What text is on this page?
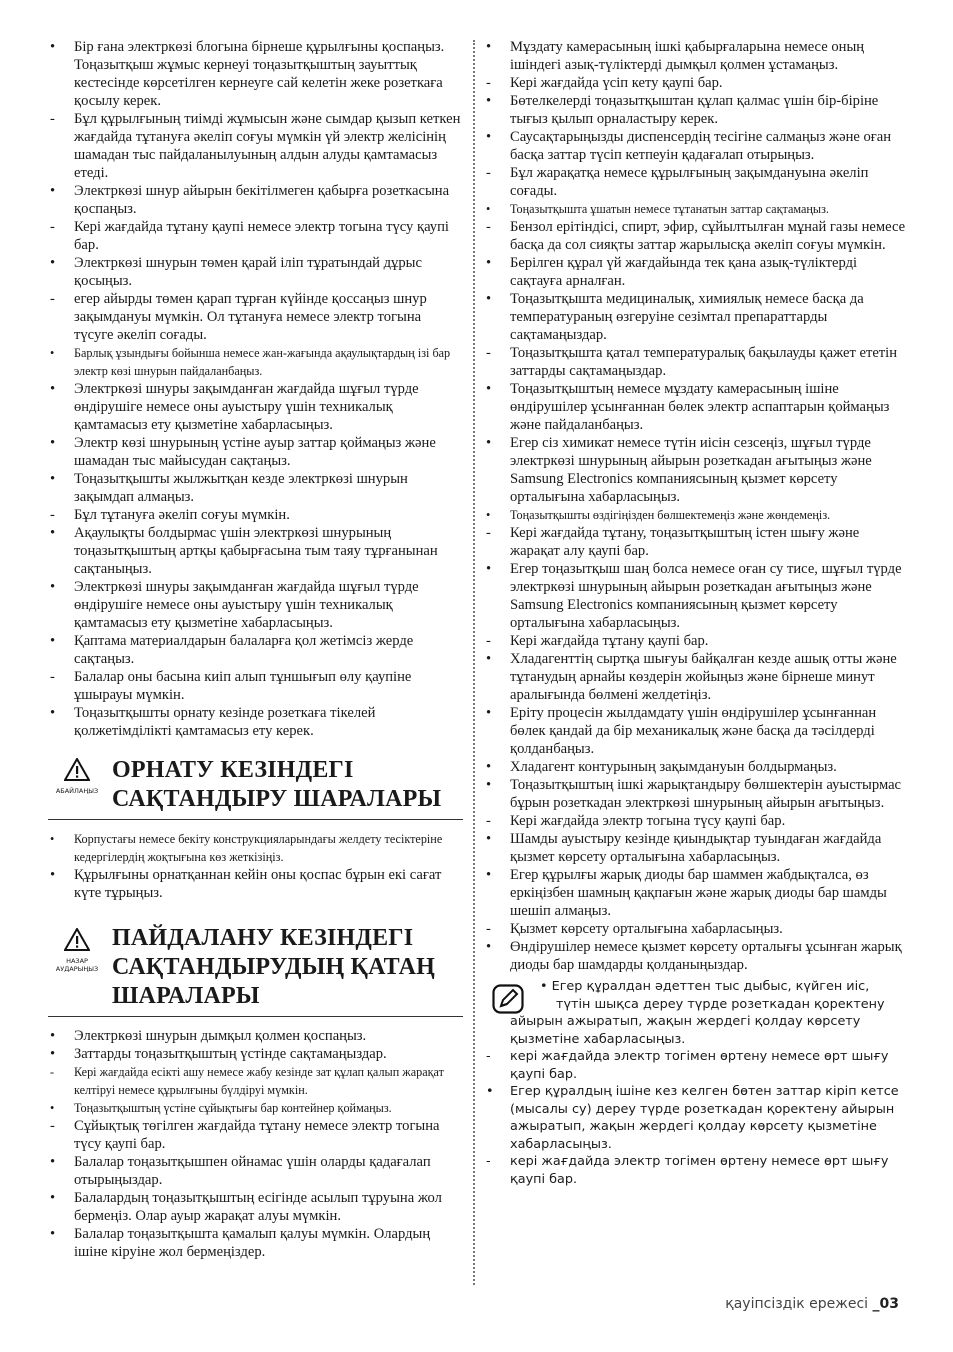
•	Бір ғана электркөзі блогына бірнеше құрылғыны қоспаңыз. Тоңазытқыш жұмыс кернеуі тоңазытқыштың зауыттық кестесінде көрсетілген кернеуге сай келетін жеке розеткаға қосылу керек.
-	Бұл құрылғының тиімді жұмысын және сымдар қызып кеткен жағдайда тұтануға әкеліп соғуы мүмкін үй электр желісінің шамадан тыс пайдаланылуының алдын алуды қамтамасыз етеді.
•	Электркөзі шнур айырын бекітілмеген қабырға розеткасына қоспаңыз.
-	Кері жағдайда тұтану қаупі немесе электр тогына түсу қаупі бар.
•	Электркөзі шнурын төмен қарай іліп тұратындай дұрыс қосыңыз.
-	егер айырды төмен қарап тұрған күйінде қоссаңыз шнур зақымдануы мүмкін. Ол тұтануға немесе электр тогына түсуге әкеліп соғады.
•	Барлық ұзындығы бойынша немесе жан-жағында ақаулықтардың ізі бар электр көзі шнурын пайдаланбаңыз.
•	Электркөзі шнуры зақымданған жағдайда шұғыл түрде өндірушіге немесе оны ауыстыру үшін техникалық қамтамасыз ету қызметіне хабарласыңыз.
•	Электр көзі шнурының үстіне ауыр заттар қоймаңыз және шамадан тыс майысудан сақтаңыз.
•	Тоңазытқышты жылжытқан кезде электркөзі шнурын зақымдап алмаңыз.
-	Бұл тұтануға әкеліп соғуы мүмкін.
•	Ақаулықты болдырмас үшін электркөзі шнурының тоңазытқыштың артқы қабырғасына тым таяу тұрғанынан сақтаныңыз.
•	Электркөзі шнуры зақымданған жағдайда шұғыл түрде өндірушіге немесе оны ауыстыру үшін техникалық қамтамасыз ету қызметіне хабарласыңыз.
•	Қаптама материалдарын балаларға қол жетімсіз жерде сақтаңыз.
-	Балалар оны басына киіп алып тұншығып өлу қаупіне ұшырауы мүмкін.
•	Тоңазытқышты орнату кезінде розеткаға тікелей қолжетімділікті қамтамасыз ету керек.
АБАЙЛАҢЫЗ
ОРНАТУ КЕЗІНДЕГІ
САҚТАНДЫРУ ШАРАЛАРЫ
•	Корпустағы немесе бекіту конструкцияларындағы желдету тесіктеріне кедергілердің жоқтығына көз жеткізіңіз.
•	Құрылғыны орнатқаннан кейін оны қоспас бұрын екі сағат күте тұрыңыз.
НАЗАР
АУДАРЫҢЫЗ
ПАЙДАЛАНУ КЕЗІНДЕГІ
САҚТАНДЫРУДЫҢ ҚАТАҢ
ШАРАЛАРЫ
•	Электркөзі шнурын дымқыл қолмен қоспаңыз.
•	Заттарды тоңазытқыштың үстінде сақтамаңыздар.
-	Кері жағдайда есікті ашу немесе жабу кезінде зат құлап қалып жарақат келтіруі немесе құрылғыны бүлдіруі мүмкін.
•	Тоңазытқыштың үстіне сұйықтығы бар контейнер қоймаңыз.
-	Сұйықтық төгілген жағдайда тұтану немесе электр тогына түсу қаупі бар.
•	Балалар тоңазытқышпен ойнамас үшін оларды қадағалап отырыңыздар.
•	Балалардың тоңазытқыштың есігінде асылып тұруына жол бермеңіз. Олар ауыр жарақат алуы мүмкін.
•	Балалар тоңазытқышта қамалып қалуы мүмкін. Олардың ішіне кіруіне жол бермеңіздер.
•	Мұздату камерасының ішкі қабырғаларына немесе оның ішіндегі азық-түліктерді дымқыл қолмен ұстамаңыз.
-	Кері жағдайда үсіп кету қаупі бар.
•	Бөтелкелерді тоңазытқыштан құлап қалмас үшін бір-біріне тығыз қылып орналастыру керек.
•	Саусақтарыңызды диспенсердің тесігіне салмаңыз және оған басқа заттар түсіп кетпеуін қадағалап отырыңыз.
-	Бұл жарақатқа немесе құрылғының зақымдануына әкеліп соғады.
•	Тоңазытқышта ұшатын немесе тұтанатын заттар сақтамаңыз.
-	Бензол ерітіндісі, спирт, эфир, сұйылтылған мұнай газы немесе басқа да сол сияқты заттар жарылысқа әкеліп соғуы мүмкін.
•	Берілген құрал үй жағдайында тек қана азық-түліктерді сақтауға арналған.
•	Тоңазытқышта медициналық, химиялық немесе басқа да температураның өзгеруіне сезімтал препараттарды сақтамаңыздар.
-	Тоңазытқышта қатал температуралық бақылауды қажет ететін заттарды сақтамаңыздар.
•	Тоңазытқыштың немесе мұздату камерасының ішіне өндірушілер ұсынғаннан бөлек электр аспаптарын қоймаңыз және пайдаланбаңыз.
•	Егер сіз химикат немесе түтін иісін сезсеңіз, шұғыл түрде электркөзі шнурының айырын розеткадан ағытыңыз және Samsung Electronics компаниясының қызмет көрсету орталығына хабарласыңыз.
•	Тоңазытқышты өздігіңізден бөлшектемеңіз және жөндемеңіз.
-	Кері жағдайда тұтану, тоңазытқыштың істен шығу және жарақат алу қаупі бар.
•	Егер тоңазытқыш шаң болса немесе оған су тисе, шұғыл түрде электркөзі шнурының айырын розеткадан ағытыңыз және Samsung Electronics компаниясының қызмет көрсету орталығына хабарласыңыз.
-	Кері жағдайда тұтану қаупі бар.
•	Хладагенттің сыртқа шығуы байқалған кезде ашық отты және тұтанудың арнайы көздерін жойыңыз және бірнеше минут аралығында бөлмені желдетіңіз.
•	Еріту процесін жылдамдату үшін өндірушілер ұсынғаннан бөлек қандай да бір механикалық және басқа да тәсілдерді қолданбаңыз.
•	Хладагент контурының зақымдануын болдырмаңыз.
•	Тоңазытқыштың ішкі жарықтандыру бөлшектерін ауыстырмас бұрын розеткадан электркөзі шнурының айырын ағытыңыз.
-	Кері жағдайда электр тогына түсу қаупі бар.
•	Шамды ауыстыру кезінде қиындықтар туындаған жағдайда қызмет көрсету орталығына хабарласыңыз.
•	Егер құрылғы жарық диоды бар шаммен жабдықталса, өз еркіңізбен шамның қақпағын және жарық диоды бар шамды шешіп алмаңыз.
-	Қызмет көрсету орталығына хабарласыңыз.
•	Өндірушілер немесе қызмет көрсету орталығы ұсынған жарық диоды бар шамдарды қолданыңыздар.
• Егер құралдан әдеттен тыс дыбыс, күйген иіс,
түтін шықса дереу түрде розеткадан қоректену
айырын ажыратып, жақын жердегі қолдау көрсету қызметіне хабарласыңыз.
-	кері жағдайда электр тогімен өртену немесе өрт шығу қаупі бар.
•	Егер құралдың ішіне кез келген бөтен заттар кіріп кетсе (мысалы су) дереу түрде розеткадан қоректену айырын ажыратып, жақын жердегі қолдау көрсету қызметіне хабарласыңыз.
-	кері жағдайда электр тогімен өртену немесе өрт шығу қаупі бар.
қауіпсіздік ережесі _03
